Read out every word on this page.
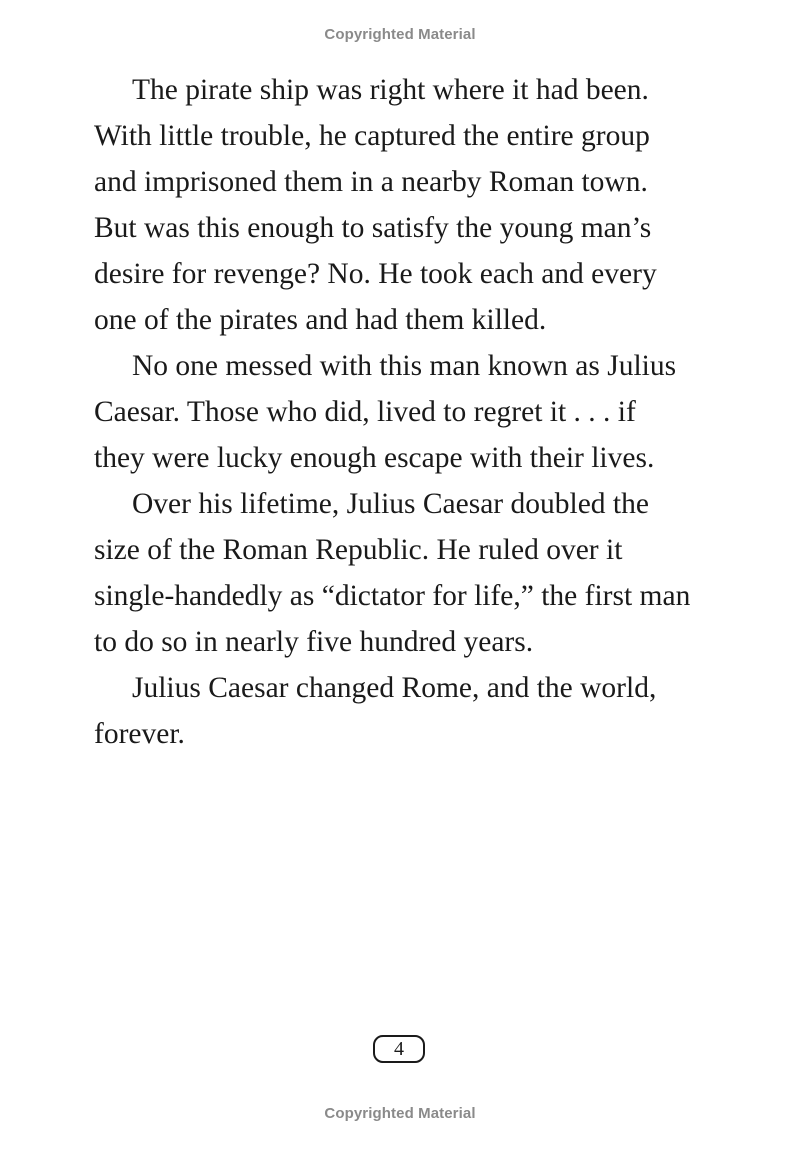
Copyrighted Material
The pirate ship was right where it had been.
With little trouble, he captured the entire group
and imprisoned them in a nearby Roman town.
But was this enough to satisfy the young man’s
desire for revenge? No. He took each and every
one of the pirates and had them killed.
No one messed with this man known as Julius
Caesar. Those who did, lived to regret it . . . if
they were lucky enough escape with their lives.
Over his lifetime, Julius Caesar doubled the
size of the Roman Republic. He ruled over it
single-handedly as “dictator for life,” the first man
to do so in nearly five hundred years.
Julius Caesar changed Rome, and the world,
forever.
4
Copyrighted Material
